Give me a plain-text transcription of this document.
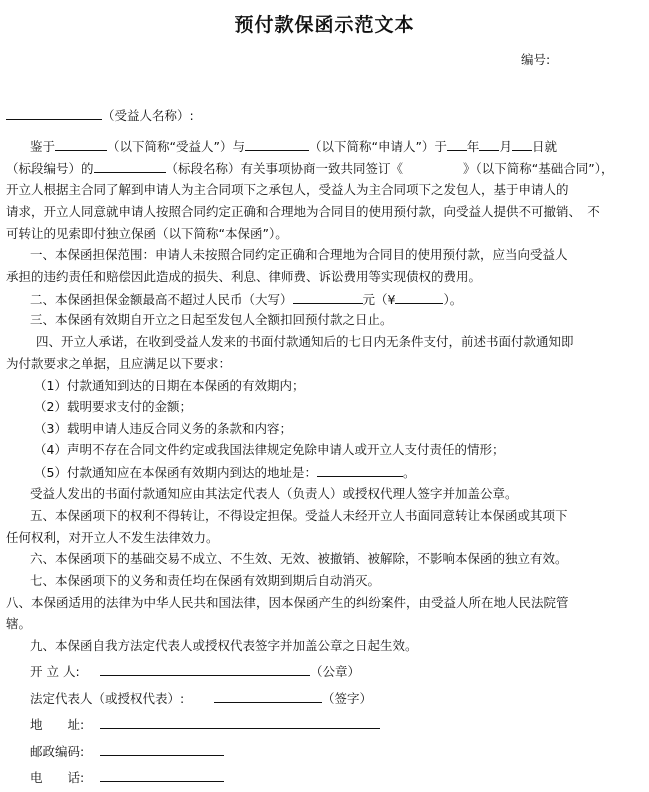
预付款保函示范文本
编号:
（受益人名称）:
鉴于	（以下简称“受益人”）与	（以下简称“申请人”）于 年 月 日就
（标段编号）的	（标段名称）有关事项协商一致共同签订《	》（以下简称“基础合同”），
开立人根据主合同了解到申请人为主合同项下之承包人，受益人为主合同项下之发包人，基于申请人的
请求，开立人同意就申请人按照合同约定正确和合理地为合同目的使用预付款，向受益人提供不可撤销、　不
可转让的见索即付独立保函（以下简称“本保函”）。
一、本保函担保范围：申请人未按照合同约定正确和合理地为合同目的使用预付款，应当向受益人
承担的违约责任和赔偿因此造成的损失、利息、律师费、诉讼费用等实现债权的费用。
二、本保函担保金额最高不超过人民币（大写）	元（¥	）。
三、本保函有效期自开立之日起至发包人全额扣回预付款之日止。
四、开立人承诺，在收到受益人发来的书面付款通知后的七日内无条件支付，前述书面付款通知即
为付款要求之单据，且应满足以下要求：
（1）付款通知到达的日期在本保函的有效期内；
（2）载明要求支付的金额；
（3）载明申请人违反合同义务的条款和内容；
（4）声明不存在合同文件约定或我国法律规定免除申请人或开立人支付责任的情形；
（5）付款通知应在本保函有效期内到达的地址是：	。
受益人发出的书面付款通知应由其法定代表人（负责人）或授权代理人签字并加盖公章。
五、本保函项下的权利不得转让，不得设定担保。受益人未经开立人书面同意转让本保函或其项下
任何权利，对开立人不发生法律效力。
六、本保函项下的基础交易不成立、不生效、无效、被撤销、被解除，不影响本保函的独立有效。
七、本保函项下的义务和责任均在保函有效期到期后自动消灭。
八、本保函适用的法律为中华人民共和国法律，因本保函产生的纠纷案件，由受益人所在地人民法院管
辖。
九、本保函自我方法定代表人或授权代表签字并加盖公章之日起生效。
开 立 人:	（公章）
法定代表人（或授权代表）:	（签字）
地　　址:
邮政编码:
电　　话:
